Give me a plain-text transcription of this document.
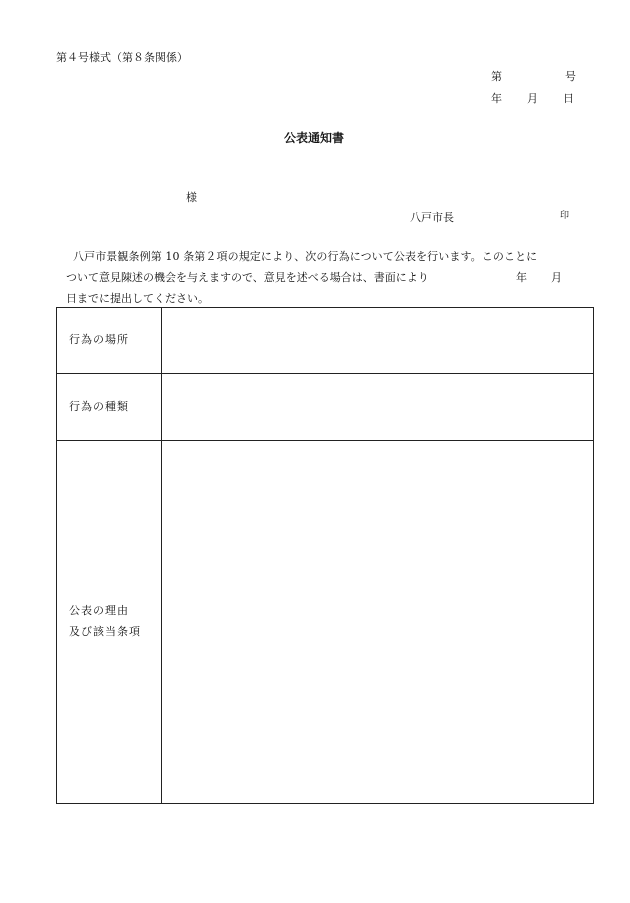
第４号様式（第８条関係）
第	号
年 月 日
公表通知書
様
八戸市長	印
八戸市景観条例第 10 条第２項の規定により、次の行為について公表を行います。このことに
ついて意見陳述の機会を与えますので、意見を述べる場合は、書面により	年 月
日までに提出してください。
行為の場所	
行為の種類	

公表の理由
及び該当条項	
